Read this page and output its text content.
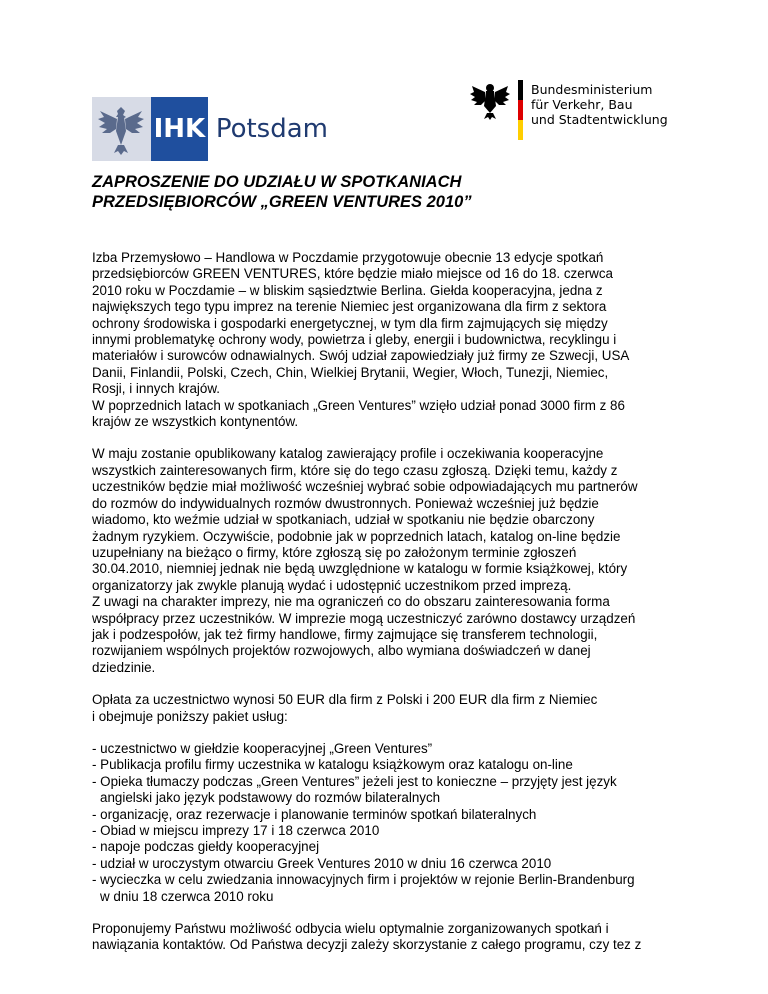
IHK Potsdam
Bundesministerium
für Verkehr, Bau
und Stadtentwicklung
ZAPROSZENIE DO UDZIAŁU W SPOTKANIACH
PRZEDSIĘBIORCÓW „GREEN VENTURES 2010”
Izba Przemysłowo – Handlowa w Poczdamie przygotowuje obecnie 13 edycje spotkań
przedsiębiorców GREEN VENTURES, które będzie miało miejsce od 16 do 18. czerwca
2010 roku w Poczdamie – w bliskim sąsiedztwie Berlina. Giełda kooperacyjna, jedna z
największych tego typu imprez na terenie Niemiec jest organizowana dla firm z sektora
ochrony środowiska i gospodarki energetycznej, w tym dla firm zajmujących się między
innymi problematykę ochrony wody, powietrza i gleby, energii i budownictwa, recyklingu i
materiałów i surowców odnawialnych. Swój udział zapowiedziały już firmy ze Szwecji, USA
Danii, Finlandii, Polski, Czech, Chin, Wielkiej Brytanii, Wegier, Włoch, Tunezji, Niemiec,
Rosji, i innych krajów.
W poprzednich latach w spotkaniach „Green Ventures” wzięło udział ponad 3000 firm z 86
krajów ze wszystkich kontynentów.
W maju zostanie opublikowany katalog zawierający profile i oczekiwania kooperacyjne
wszystkich zainteresowanych firm, które się do tego czasu zgłoszą. Dzięki temu, każdy z
uczestników będzie miał możliwość wcześniej wybrać sobie odpowiadających mu partnerów
do rozmów do indywidualnych rozmów dwustronnych. Ponieważ wcześniej już będzie
wiadomo, kto weźmie udział w spotkaniach, udział w spotkaniu nie będzie obarczony
żadnym ryzykiem. Oczywiście, podobnie jak w poprzednich latach, katalog on-line będzie
uzupełniany na bieżąco o firmy, które zgłoszą się po założonym terminie zgłoszeń
30.04.2010, niemniej jednak nie będą uwzględnione w katalogu w formie książkowej, który
organizatorzy jak zwykle planują wydać i udostępnić uczestnikom przed imprezą.
Z uwagi na charakter imprezy, nie ma ograniczeń co do obszaru zainteresowania forma
współpracy przez uczestników. W imprezie mogą uczestniczyć zarówno dostawcy urządzeń
jak i podzespołów, jak też firmy handlowe, firmy zajmujące się transferem technologii,
rozwijaniem wspólnych projektów rozwojowych, albo wymiana doświadczeń w danej
dziedzinie.
Opłata za uczestnictwo wynosi 50 EUR dla firm z Polski i 200 EUR dla firm z Niemiec
i obejmuje poniższy pakiet usług:
- uczestnictwo w giełdzie kooperacyjnej „Green Ventures”
- Publikacja profilu firmy uczestnika w katalogu książkowym oraz katalogu on-line
- Opieka tłumaczy podczas „Green Ventures” jeżeli jest to konieczne – przyjęty jest język
angielski jako język podstawowy do rozmów bilateralnych
- organizację, oraz rezerwacje i planowanie terminów spotkań bilateralnych
- Obiad w miejscu imprezy 17 i 18 czerwca 2010
- napoje podczas giełdy kooperacyjnej
- udział w uroczystym otwarciu Greek Ventures 2010 w dniu 16 czerwca 2010
- wycieczka w celu zwiedzania innowacyjnych firm i projektów w rejonie Berlin-Brandenburg
w dniu 18 czerwca 2010 roku
Proponujemy Państwu możliwość odbycia wielu optymalnie zorganizowanych spotkań i
nawiązania kontaktów. Od Państwa decyzji zależy skorzystanie z całego programu, czy tez z
